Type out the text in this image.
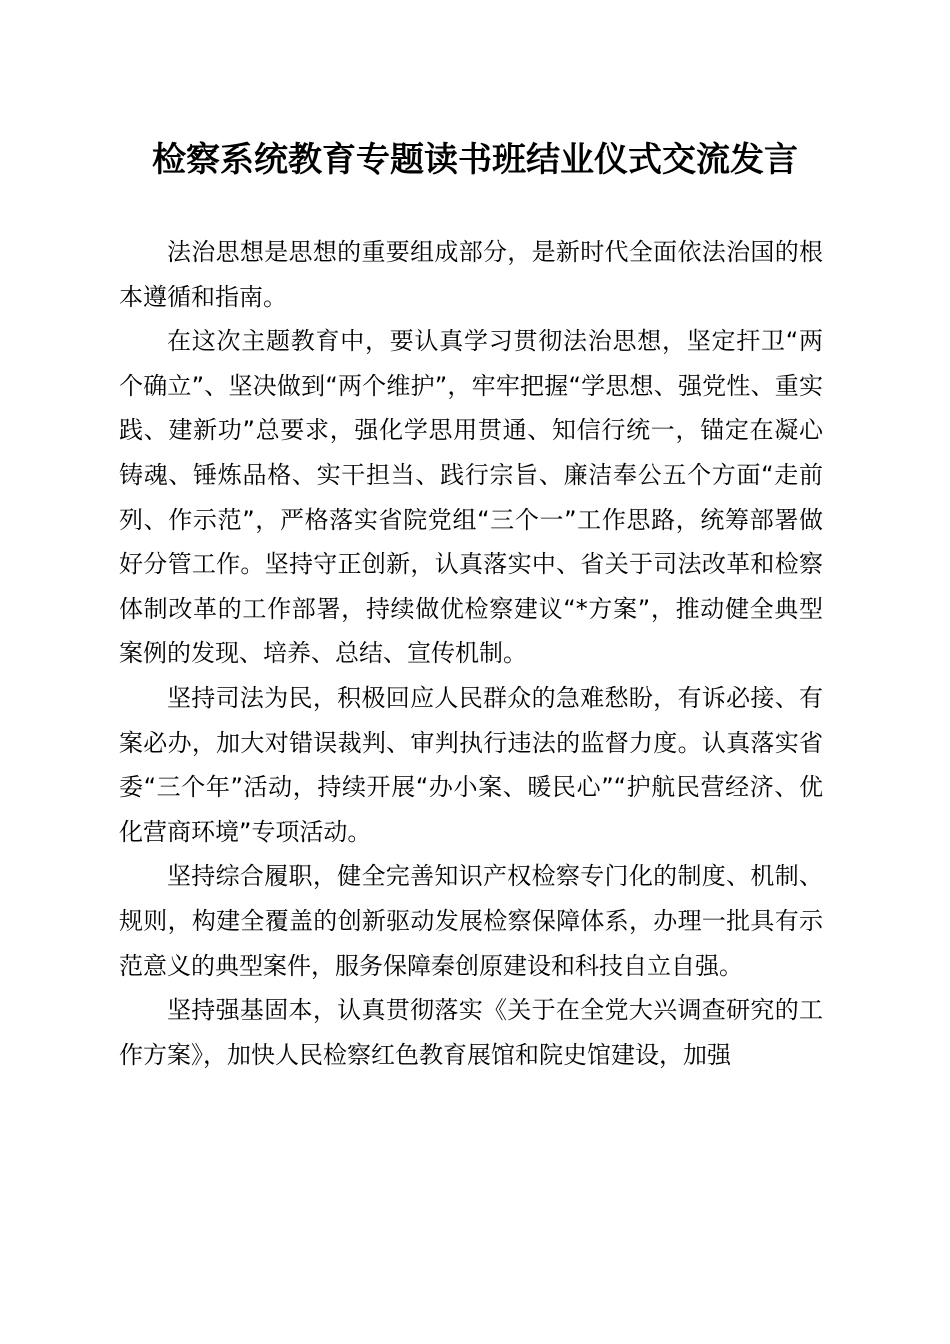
检察系统教育专题读书班结业仪式交流发言

法治思想是思想的重要组成部分，是新时代全面依法治国的根本遵循和指南。

在这次主题教育中，要认真学习贯彻法治思想，坚定扞卫“两个确立”、坚决做到“两个维护”，牢牢把握“学思想、强党性、重实践、建新功”总要求，强化学思用贯通、知信行统一，锚定在凝心铸魂、锤炼品格、实干担当、践行宗旨、廉洁奉公五个方面“走前列、作示范”，严格落实省院党组“三个一”工作思路，统筹部署做好分管工作。坚持守正创新，认真落实中、省关于司法改革和检察体制改革的工作部署，持续做优检察建议“*方案”，推动健全典型案例的发现、培养、总结、宣传机制。

坚持司法为民，积极回应人民群众的急难愁盼，有诉必接、有案必办，加大对错误裁判、审判执行违法的监督力度。认真落实省委“三个年”活动，持续开展“办小案、暖民心”“护航民营经济、优化营商环境”专项活动。

坚持综合履职，健全完善知识产权检察专门化的制度、机制、规则，构建全覆盖的创新驱动发展检察保障体系，办理一批具有示范意义的典型案件，服务保障秦创原建设和科技自立自强。

坚持强基固本，认真贯彻落实《关于在全党大兴调查研究的工作方案》，加快人民检察红色教育展馆和院史馆建设，加强
